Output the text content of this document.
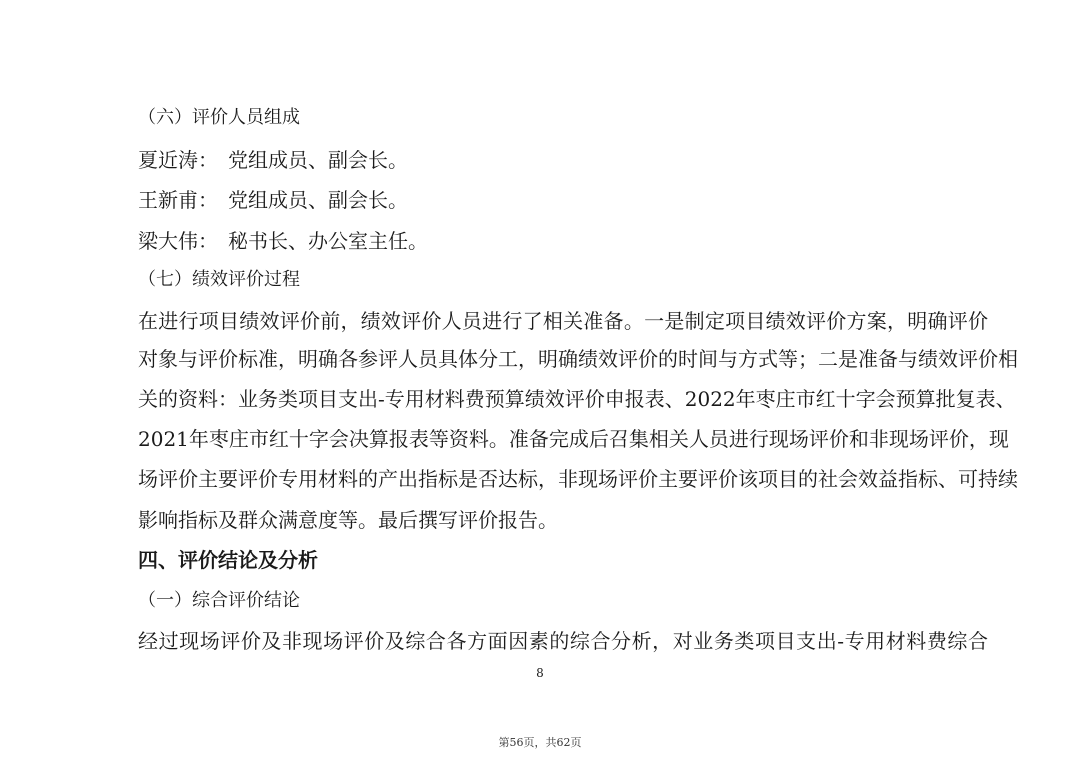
（六）评价人员组成
夏近涛： 党组成员、副会长。
王新甫： 党组成员、副会长。
梁大伟： 秘书长、办公室主任。
（七）绩效评价过程
在进行项目绩效评价前，绩效评价人员进行了相关准备。一是制定项目绩效评价方案，明确评价
对象与评价标准，明确各参评人员具体分工，明确绩效评价的时间与方式等；二是准备与绩效评价相
关的资料：业务类项目支出-专用材料费预算绩效评价申报表、2022年枣庄市红十字会预算批复表、
2021年枣庄市红十字会决算报表等资料。准备完成后召集相关人员进行现场评价和非现场评价，现
场评价主要评价专用材料的产出指标是否达标，非现场评价主要评价该项目的社会效益指标、可持续
影响指标及群众满意度等。最后撰写评价报告。
四、评价结论及分析
（一）综合评价结论
经过现场评价及非现场评价及综合各方面因素的综合分析，对业务类项目支出-专用材料费综合
8
第56页，共62页
